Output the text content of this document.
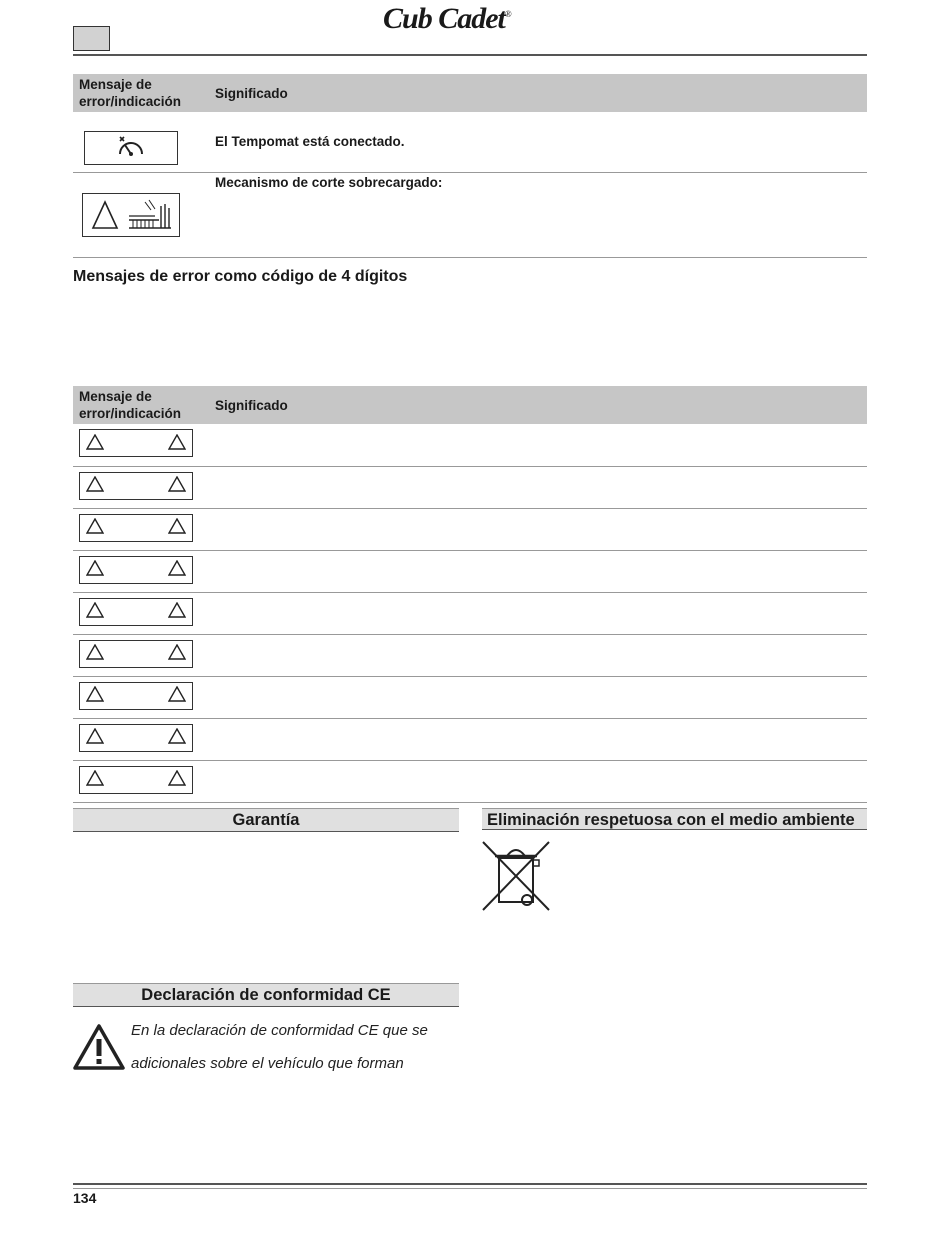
Cub Cadet®
Mensaje de error/indicación	Significado

	El Tempomat está conectado.

	Mecanismo de corte sobrecargado:
Mensajes de error como código de 4 dígitos
Mensaje de error/indicación	Significado

Garantía	Eliminación respetuosa con el medio ambiente
Declaración de conformidad CE
En la declaración de conformidad CE que se
adicionales sobre el vehículo que forman
134
